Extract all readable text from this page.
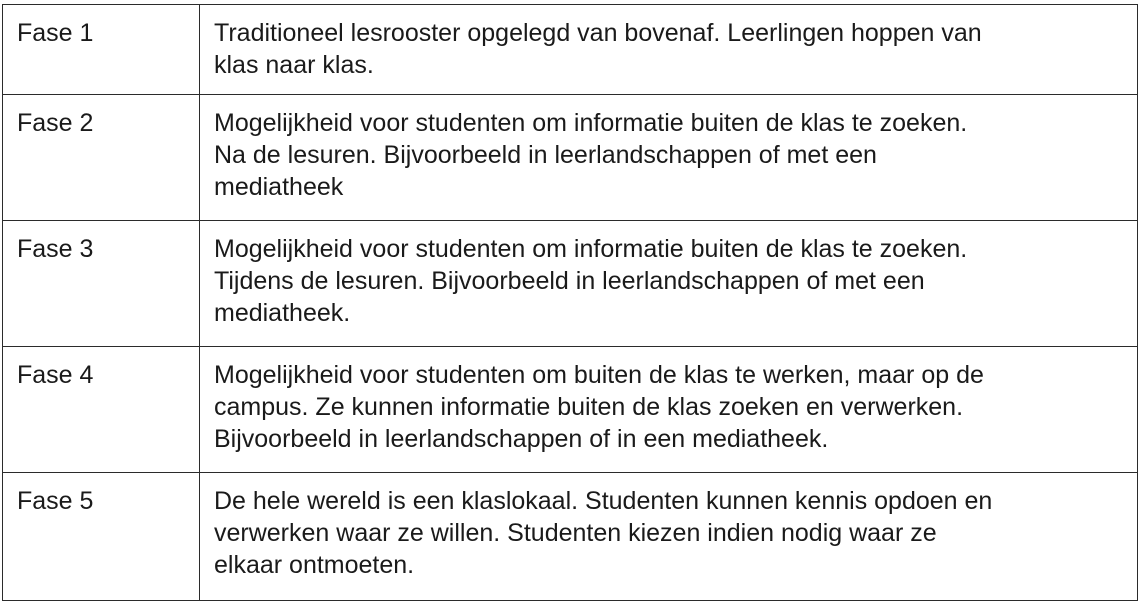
Fase 1	Traditioneel lesrooster opgelegd van bovenaf. Leerlingen hoppen van
klas naar klas.
Fase 2	Mogelijkheid voor studenten om informatie buiten de klas te zoeken.
Na de lesuren. Bijvoorbeeld in leerlandschappen of met een
mediatheek
Fase 3	Mogelijkheid voor studenten om informatie buiten de klas te zoeken.
Tijdens de lesuren. Bijvoorbeeld in leerlandschappen of met een
mediatheek.
Fase 4	Mogelijkheid voor studenten om buiten de klas te werken, maar op de
campus. Ze kunnen informatie buiten de klas zoeken en verwerken.
Bijvoorbeeld in leerlandschappen of in een mediatheek.
Fase 5	De hele wereld is een klaslokaal. Studenten kunnen kennis opdoen en
verwerken waar ze willen. Studenten kiezen indien nodig waar ze
elkaar ontmoeten.
